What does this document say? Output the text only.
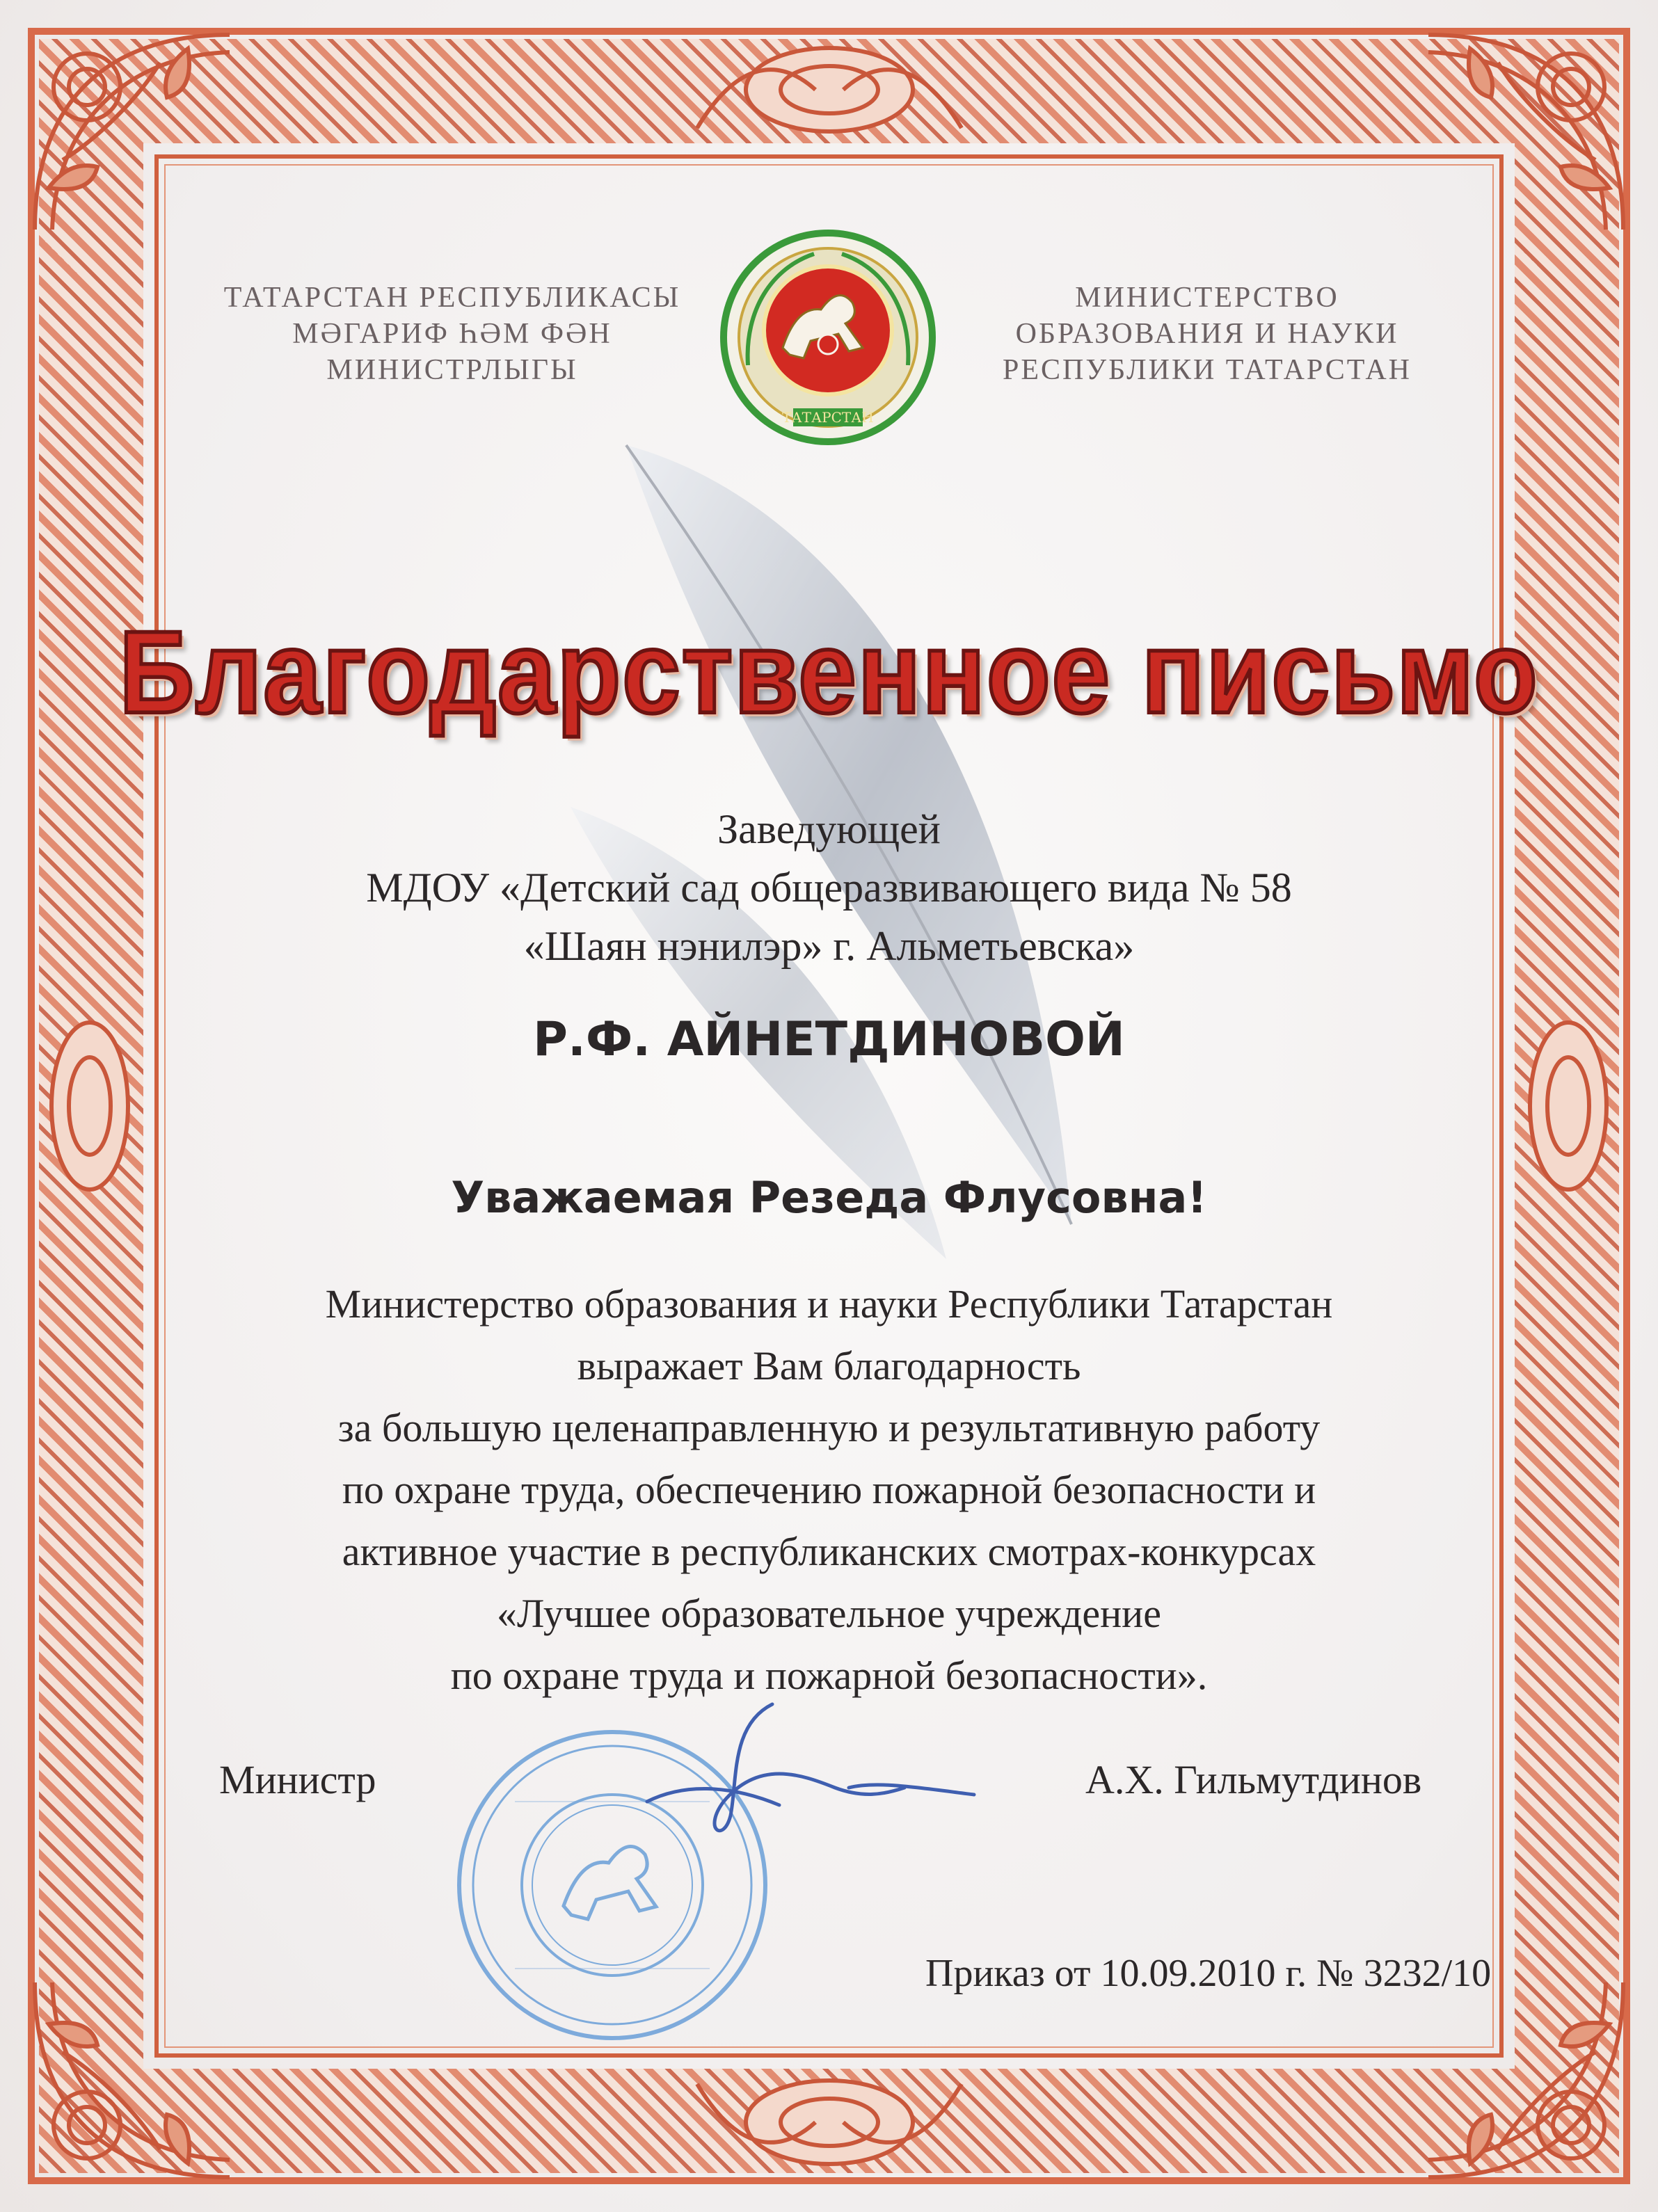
ТАТАРСТАН РЕСПУБЛИКАСЫ
МӘГАРИФ ҺӘМ ФӘН
МИНИСТРЛЫГЫ
ТАТАРСТАН
МИНИСТЕРСТВО
ОБРАЗОВАНИЯ И НАУКИ
РЕСПУБЛИКИ ТАТАРСТАН
Благодарственное письмо
Заведующей
МДОУ «Детский сад общеразвивающего вида № 58
«Шаян нэнилэр» г. Альметьевска»
Р.Ф. АЙНЕТДИНОВОЙ
Уважаемая Резеда Флусовна!
Министерство образования и науки Республики Татарстан
выражает Вам благодарность
за большую целенаправленную и результативную работу
по охране труда, обеспечению пожарной безопасности и
активное участие в республиканских смотрах-конкурсах
«Лучшее образовательное учреждение
по охране труда и пожарной безопасности».
Министр	А.Х. Гильмутдинов
Приказ от 10.09.2010 г. № 3232/10
